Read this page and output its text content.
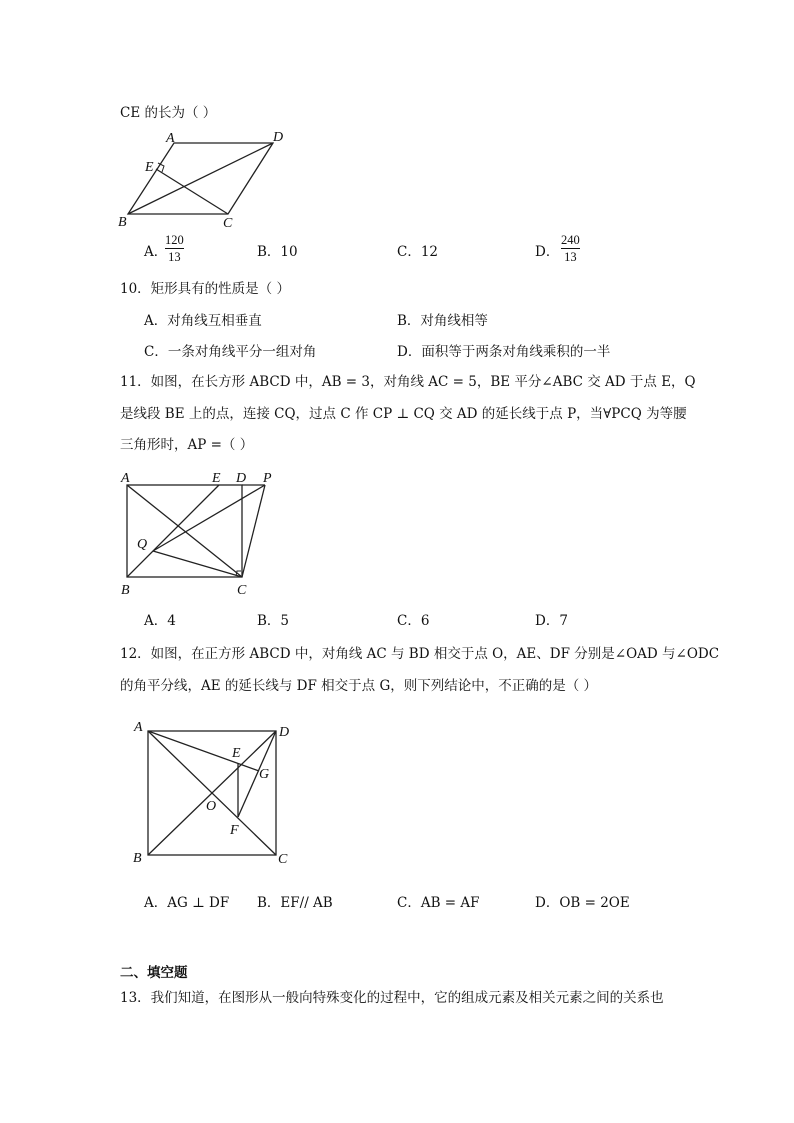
CE 的长为（ ）
A	D
E
B	C
A．
120
13	B．10	C．12	D．
240
13
10．矩形具有的性质是（ ）
A．对角线互相垂直	B．对角线相等
C．一条对角线平分一组对角	D．面积等于两条对角线乘积的一半
11．如图，在长方形 ABCD 中，AB = 3，对角线 AC = 5，BE 平分∠ABC 交 AD 于点 E，Q
是线段 BE 上的点，连接 CQ，过点 C 作 CP ⊥ CQ 交 AD 的延长线于点 P，当∀PCQ 为等腰
三角形时，AP =（ ）
A	E D P
Q
B	C
A．4	B．5	C．6	D．7
12．如图，在正方形 ABCD 中，对角线 AC 与 BD 相交于点 O，AE、DF 分别是∠OAD 与∠ODC
的角平分线，AE 的延长线与 DF 相交于点 G，则下列结论中，不正确的是（ ）
A	D
E
G
O
F
B	C
A．AG ⊥ DF B．EF// AB	C．AB = AF	D．OB = 2OE
二、填空题
13．我们知道，在图形从一般向特殊变化的过程中，它的组成元素及相关元素之间的关系也
